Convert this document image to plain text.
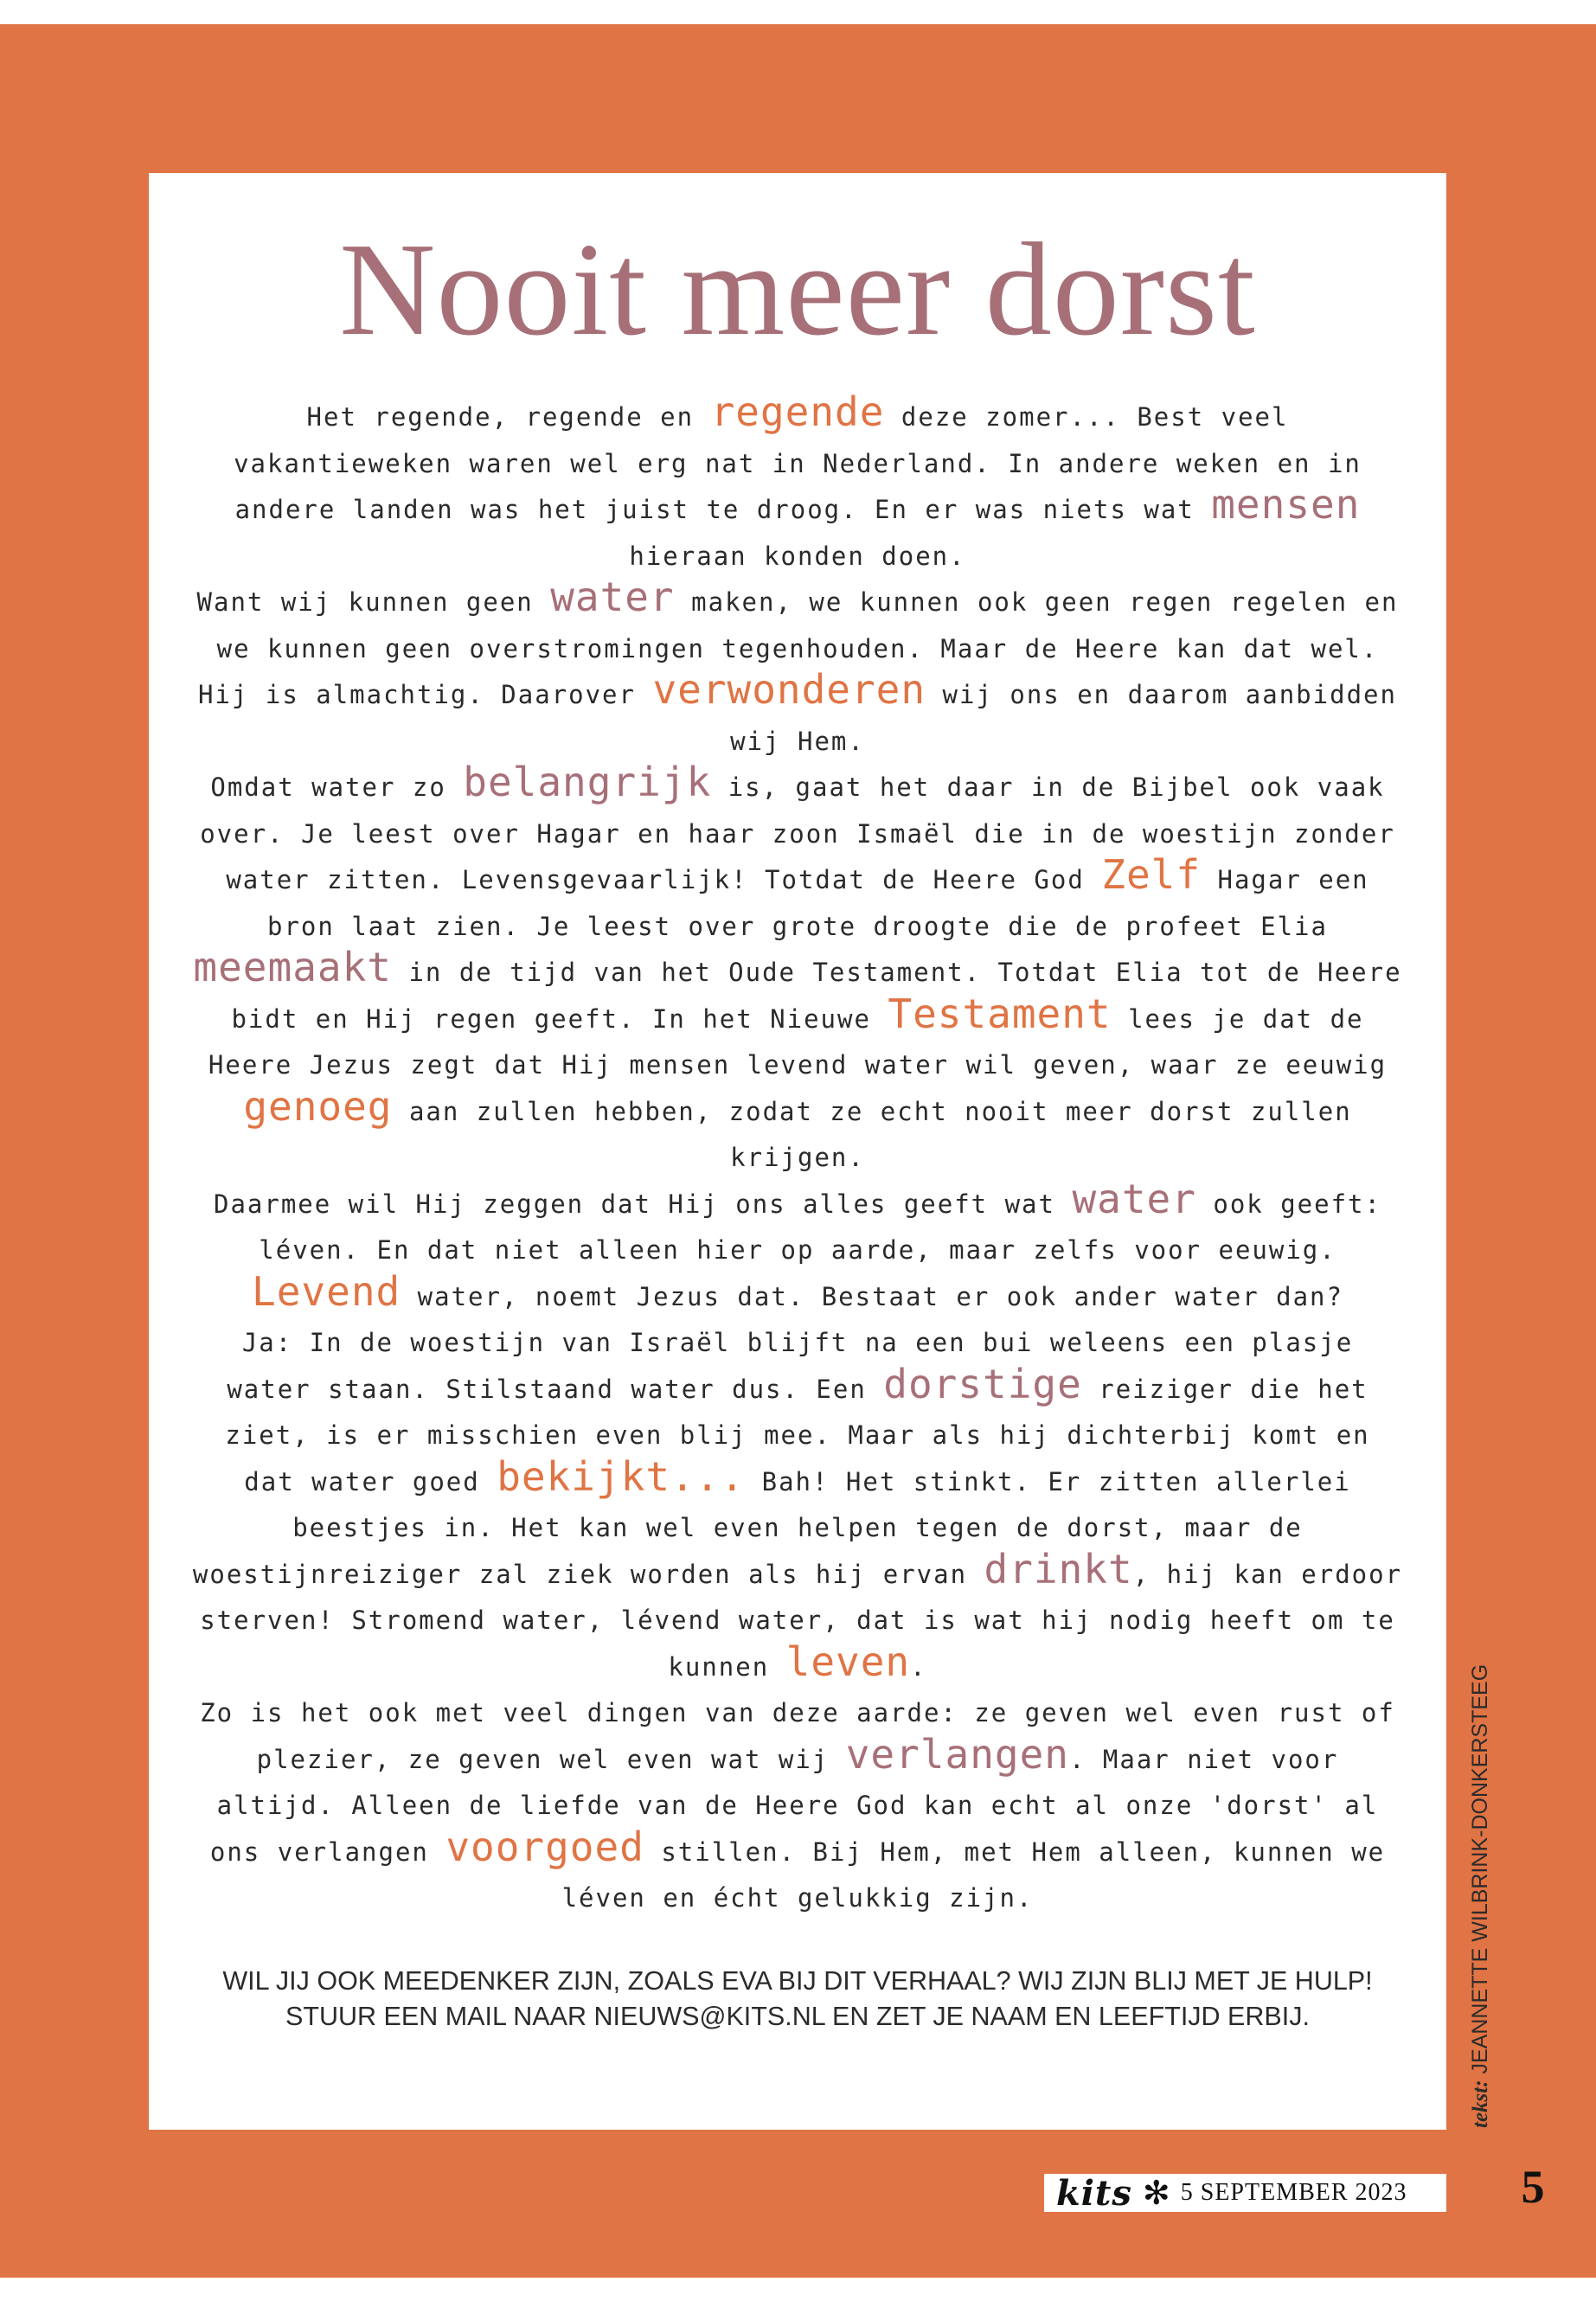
Nooit meer dorst

Het regende, regende en regende deze zomer... Best veel vakantieweken waren wel erg nat in Nederland. In andere weken en in andere landen was het juist te droog. En er was niets wat mensen hieraan konden doen.

Want wij kunnen geen water maken, we kunnen ook geen regen regelen en we kunnen geen overstromingen tegenhouden. Maar de Heere kan dat wel. Hij is almachtig. Daarover verwonderen wij ons en daarom aanbidden wij Hem.

Omdat water zo belangrijk is, gaat het daar in de Bijbel ook vaak over. Je leest over Hagar en haar zoon Ismaël die in de woestijn zonder water zitten. Levensgevaarlijk! Totdat de Heere God Zelf Hagar een bron laat zien. Je leest over grote droogte die de profeet Elia meemaakt in de tijd van het Oude Testament. Totdat Elia tot de Heere bidt en Hij regen geeft. In het Nieuwe Testament lees je dat de Heere Jezus zegt dat Hij mensen levend water wil geven, waar ze eeuwig genoeg aan zullen hebben, zodat ze echt nooit meer dorst zullen krijgen.

Daarmee wil Hij zeggen dat Hij ons alles geeft wat water ook geeft: léven. En dat niet alleen hier op aarde, maar zelfs voor eeuwig. Levend water, noemt Jezus dat. Bestaat er ook ander water dan?

Ja: In de woestijn van Israël blijft na een bui weleens een plasje water staan. Stilstaand water dus. Een dorstige reiziger die het ziet, is er misschien even blij mee. Maar als hij dichterbij komt en dat water goed bekijkt... Bah! Het stinkt. Er zitten allerlei beestjes in. Het kan wel even helpen tegen de dorst, maar de woestijnreiziger zal ziek worden als hij ervan drinkt, hij kan erdoor sterven! Stromend water, lévend water, dat is wat hij nodig heeft om te kunnen leven.

Zo is het ook met veel dingen van deze aarde: ze geven wel even rust of plezier, ze geven wel even wat wij verlangen. Maar niet voor altijd. Alleen de liefde van de Heere God kan echt al onze 'dorst' al ons verlangen voorgoed stillen. Bij Hem, met Hem alleen, kunnen we léven en écht gelukkig zijn.

WIL JIJ OOK MEEDENKER ZIJN, ZOALS EVA BIJ DIT VERHAAL? WIJ ZIJN BLIJ MET JE HULP! STUUR EEN MAIL NAAR NIEUWS@KITS.NL EN ZET JE NAAM EN LEEFTIJD ERBIJ.
tekst: JEANNETTE WILBRINK-DONKERSTEEG
kits ✻ 5 SEPTEMBER 2023	5
